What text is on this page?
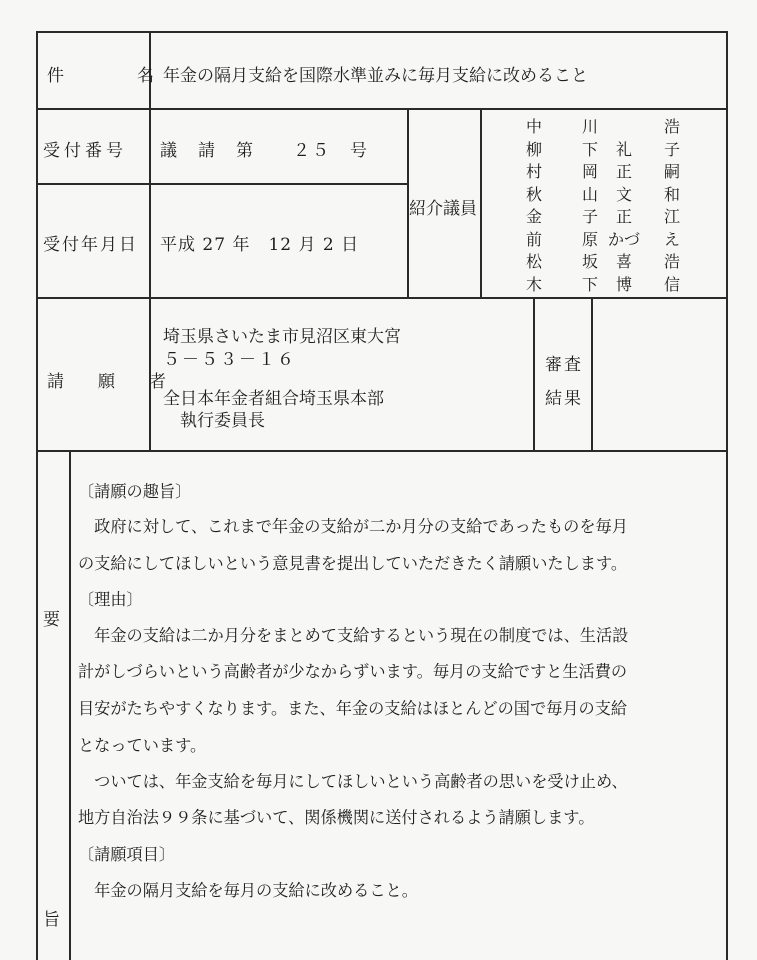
件　　　　名 年金の隔月支給を国際水準並みに毎月支給に改めること
受付番号 議　請　第　　２５　号
受付年月日 平成 27 年　12 月 2 日
紹介議員
中 川	浩
柳 下 礼 子
村 岡 正 嗣
秋 山 文 和
金 子 正 江
前 原 かづ え
松 坂 喜 浩
木 下 博 信
請　　願　　者
埼玉県さいたま市見沼区東大宮
５－５３－１６
全日本年金者組合埼玉県本部
執行委員長
審査
結果
要
旨
〔請願の趣旨〕
　政府に対して、これまで年金の支給が二か月分の支給であったものを毎月
の支給にしてほしいという意見書を提出していただきたく請願いたします。
〔理由〕
　年金の支給は二か月分をまとめて支給するという現在の制度では、生活設
計がしづらいという高齢者が少なからずいます。毎月の支給ですと生活費の
目安がたちやすくなります。また、年金の支給はほとんどの国で毎月の支給
となっています。
　ついては、年金支給を毎月にしてほしいという高齢者の思いを受け止め、
地方自治法９９条に基づいて、関係機関に送付されるよう請願します。
〔請願項目〕
　年金の隔月支給を毎月の支給に改めること。
